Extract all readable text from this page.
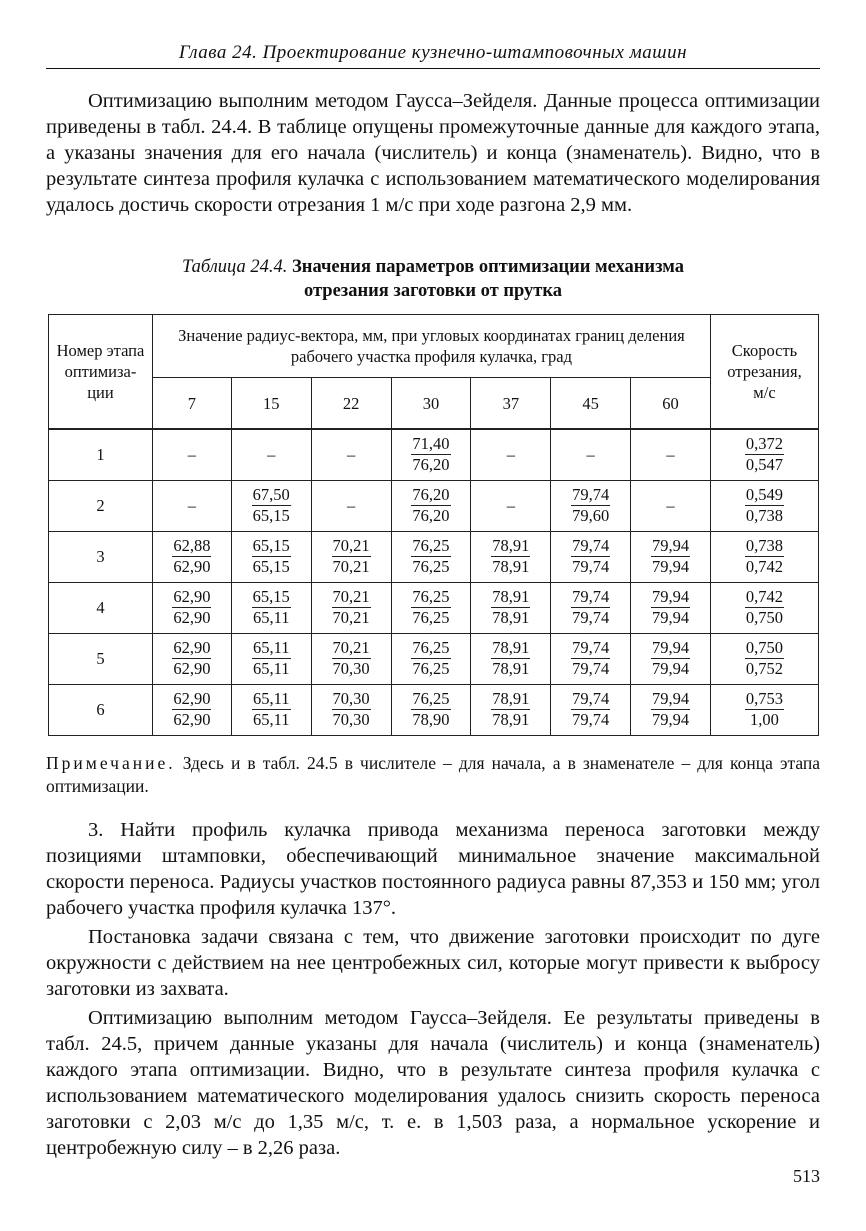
Глава 24. Проектирование кузнечно-штамповочных машин

Оптимизацию выполним методом Гаусса–Зейделя. Данные процесса оптимизации приведены в табл. 24.4. В таблице опущены промежуточные данные для каждого этапа, а указаны значения для его начала (числитель) и конца (знаменатель). Видно, что в результате синтеза профиля кулачка с использованием математического моделирования удалось достичь скорости отрезания 1 м/с при ходе разгона 2,9 мм.

Таблица 24.4. Значения параметров оптимизации механизма
отрезания заготовки от прутка
Номер этапа оптимиза-ции	Значение радиус-вектора, мм, при угловых координатах границ деления рабочего участка профиля кулачка, град							Скорость отрезания, м/с

	7	15	22	30	37	45	60	
1	–	–	–	$\frac{71,40}{76,20}$	–	–	–	$\frac{0,372}{0,547}$

2	–	$\frac{67,50}{65,15}$	–	$\frac{76,20}{76,20}$	–	$\frac{79,74}{79,60}$	–	$\frac{0,549}{0,738}$

3	$\frac{62,88}{62,90}$	$\frac{65,15}{65,15}$	$\frac{70,21}{70,21}$	$\frac{76,25}{76,25}$	$\frac{78,91}{78,91}$	$\frac{79,74}{79,74}$	$\frac{79,94}{79,94}$	$\frac{0,738}{0,742}$

4	$\frac{62,90}{62,90}$	$\frac{65,15}{65,11}$	$\frac{70,21}{70,21}$	$\frac{76,25}{76,25}$	$\frac{78,91}{78,91}$	$\frac{79,74}{79,74}$	$\frac{79,94}{79,94}$	$\frac{0,742}{0,750}$

5	$\frac{62,90}{62,90}$	$\frac{65,11}{65,11}$	$\frac{70,21}{70,30}$	$\frac{76,25}{76,25}$	$\frac{78,91}{78,91}$	$\frac{79,74}{79,74}$	$\frac{79,94}{79,94}$	$\frac{0,750}{0,752}$

6	$\frac{62,90}{62,90}$	$\frac{65,11}{65,11}$	$\frac{70,30}{70,30}$	$\frac{76,25}{78,90}$	$\frac{78,91}{78,91}$	$\frac{79,74}{79,74}$	$\frac{79,94}{79,94}$	$\frac{0,753}{1,00}$
Примечание. Здесь и в табл. 24.5 в числителе – для начала, а в знаменателе – для конца этапа оптимизации.

3. Найти профиль кулачка привода механизма переноса заготовки между позициями штамповки, обеспечивающий минимальное значение максимальной скорости переноса. Радиусы участков постоянного радиуса равны 87,353 и 150 мм; угол рабочего участка профиля кулачка 137°.

Постановка задачи связана с тем, что движение заготовки происходит по дуге окружности с действием на нее центробежных сил, которые могут привести к выбросу заготовки из захвата.

Оптимизацию выполним методом Гаусса–Зейделя. Ее результаты приведены в табл. 24.5, причем данные указаны для начала (числитель) и конца (знаменатель) каждого этапа оптимизации. Видно, что в результате синтеза профиля кулачка с использованием математического моделирования удалось снизить скорость переноса заготовки с 2,03 м/с до 1,35 м/с, т. е. в 1,503 раза, а нормальное ускорение и центробежную силу – в 2,26 раза.

513
